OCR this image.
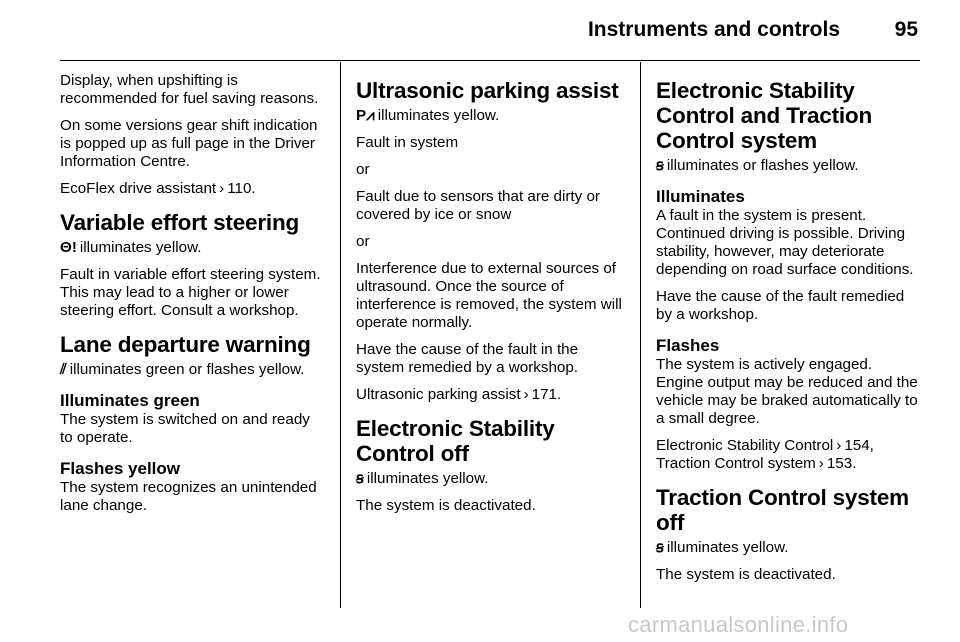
Instruments and controls	95

Display, when upshifting is recommended for fuel saving reasons.

On some versions gear shift indication is popped up as full page in the Driver Information Centre.

EcoFlex drive assistant › 110.

Variable effort steering

Θ! illuminates yellow.

Fault in variable effort steering system. This may lead to a higher or lower steering effort. Consult a workshop.

Lane departure warning

⫽ illuminates green or flashes yellow.

Illuminates green

The system is switched on and ready to operate.

Flashes yellow

The system recognizes an unintended lane change.

Ultrasonic parking assist

P⩘ illuminates yellow.

Fault in system

or

Fault due to sensors that are dirty or covered by ice or snow

or

Interference due to external sources of ultrasound. Once the source of interference is removed, the system will operate normally.

Have the cause of the fault in the system remedied by a workshop.

Ultrasonic parking assist › 171.

Electronic Stability Control off

ꞩ illuminates yellow.

The system is deactivated.

Electronic Stability Control and Traction Control system

ꞩ illuminates or flashes yellow.

Illuminates

A fault in the system is present. Continued driving is possible. Driving stability, however, may deteriorate depending on road surface conditions.

Have the cause of the fault remedied by a workshop.

Flashes

The system is actively engaged. Engine output may be reduced and the vehicle may be braked automatically to a small degree.

Electronic Stability Control › 154,
Traction Control system › 153.

Traction Control system off

ꞩ illuminates yellow.

The system is deactivated.

carmanualsonline.info
